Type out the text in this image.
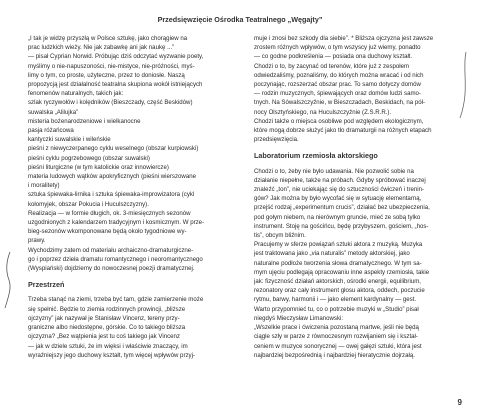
Przedsięwzięcie Ośrodka Teatralnego „Węgajty”
„I tak je widzę przyszłą w Polsce sztukę, jako chorągiew na
prac ludzkich wieży. Nie jak zabawkę ani jak naukę ...”
— pisał Cyprian Norwid. Próbując dziś odczytać wyzwanie poety,
myślimy o nie-napuszoności, nie-mistyce, nie-próżności, myś-
limy o tym, co proste, użyteczne, przez to doniosłe. Naszą
propozycją jest działalność teatralna skupiona wokół istniejących
fenomenów naturalnych, takich jak:
szlak ryczywołów i kolędników (Bieszczady, część Beskidów)
suwalska „Alilujka”
misteria bożenarodzeniowe i wielkanocne
pasja różańcowa
kantyczki suwalskie i wileńskie
pieśni z niewyczerpanego cyklu weselnego (obszar kurpiowski)
pieśni cyklu pogrzebowego (obszar suwalski)
pieśni liturgiczne (w tym katolickie oraz innowiercze)
materia ludowych wątków apokryficznych (pieśni wierszowane
i moralitety)
sztuka śpiewaka-lirnika i sztuka śpiewaka-improwizatora (cykl
kołomyjek, obszar Pokucia i Huculszczyzny).
Realizacja — w formie długich, ok. 3-miesięcznych sezonów
uzgodnionych z kalendarzem tradycyjnym i kosmicznym. W prze-
bieg-sezonów wkomponowane będą około tygodniowe wy-
prawy.
Wychodzimy zatem od materiału archaiczno-dramaturgiczne-
go i poprzez dzieła dramatu romantycznego i neoromantycznego
(Wyspiański) dojdziemy do nowoczesnej poezji dramatycznej.
Przestrzeń
Trzeba stanąć na ziemi, trzeba być tam, gdzie zamierzenie może
się spełnić. Będzie to ziemia rodzinnych prowincji, „bliższe
ojczyzny” jak nazywał je Stanisław Vincenz, tereny przy-
graniczne albo niedostępne, górskie. Co to takiego bliższa
ojczyzna? „Bez wątpienia jest tu coś takiego jak Vincenz
— jak w dziele sztuki, że im więksi i właściwie znaczący, im
wyraźniejszy jego duchowy kształt, tym więcej wpływów przyj-
muje i znosi bez szkody dla siebie”. * Bliższa ojczyzna jest zawsze
zrostem różnych wpływów, o tym wszyscy już wiemy, ponadto
— co godne podkreślenia — posiada ona duchowy kształt.
Chodzi o to, by zacynać od terenów, które już z zespołem
odwiedzaliśmy, poznaliśmy, do których można wracać i od nich
poczynając, rozszerzać obszar prac. To samo dotyczy domów
— rodzin muzycznych, śpiewających oraz domów ludzi samo-
tnych. Na Sówalszczyźnie, w Bieszczadach, Beskidach, na pół-
nocy Olsztyńskiego, na Huculszczyźnie (Z.S.R.R.).
Chodzi także o miejsca osobliwe pod względem ekologicznym,
które mogą dobrze służyć jako tło dramaturgii na różnych etapach
przedsięwzięcia.
Laboratorium rzemiosła aktorskiego
Chodzi o to, żeby nie było udawania. Nie pozwolić sobie na
działanie niepełne, także na próbach. Gdyby spróbować inaczej
znaleźć „ton”, nie uciekając się do sztuczności ćwiczeń i trenin-
gów? Jak można by było wycofać się w sytuację elementarną,
przejść rodzaj „experimentum crucis”, działać bez ubezpieczenia,
pod gołym niebem, na nierównym gruncie, mieć ze sobą tylko
instrument. Stoję na gościńcu, będę przybyszem, gościem, „hos-
tis”, obcym bliźnim.
Pracujemy w sferze powiązań sztuki aktora z muzyką. Muzyka
jest traktowana jako „via naturalis” metody aktorskiej, jako
naturalne podłoże tworzenia słowa dramatycznego. W tym sa-
mym ujęciu podlegają opracowaniu inne aspekty rzemiosła, takie
jak: fizyczność działań aktorskich, ośrodki energii, equilibrium,
rezonatory oraz cały instrument głosu aktora, oddech, poczucie
rytmu, barwy, harmonii i — jako element kardynalny — gest.
Warto przypomnieć tu, co o potrzebie muzyki w „Studio” pisał
niegdyś Mieczysław Limanowski:
„Wszelkie prace i ćwiczenia pozostaną martwe, jeśli nie będą
ciągle szły w parze z równoczesnym rozwijaniem się i kształ-
ceniem w muzyce sonorycznej — owej gałęzi sztuki, która jest
najbardziej bezpośrednią i najbardziej hieratycznie dojrzałą.
9
